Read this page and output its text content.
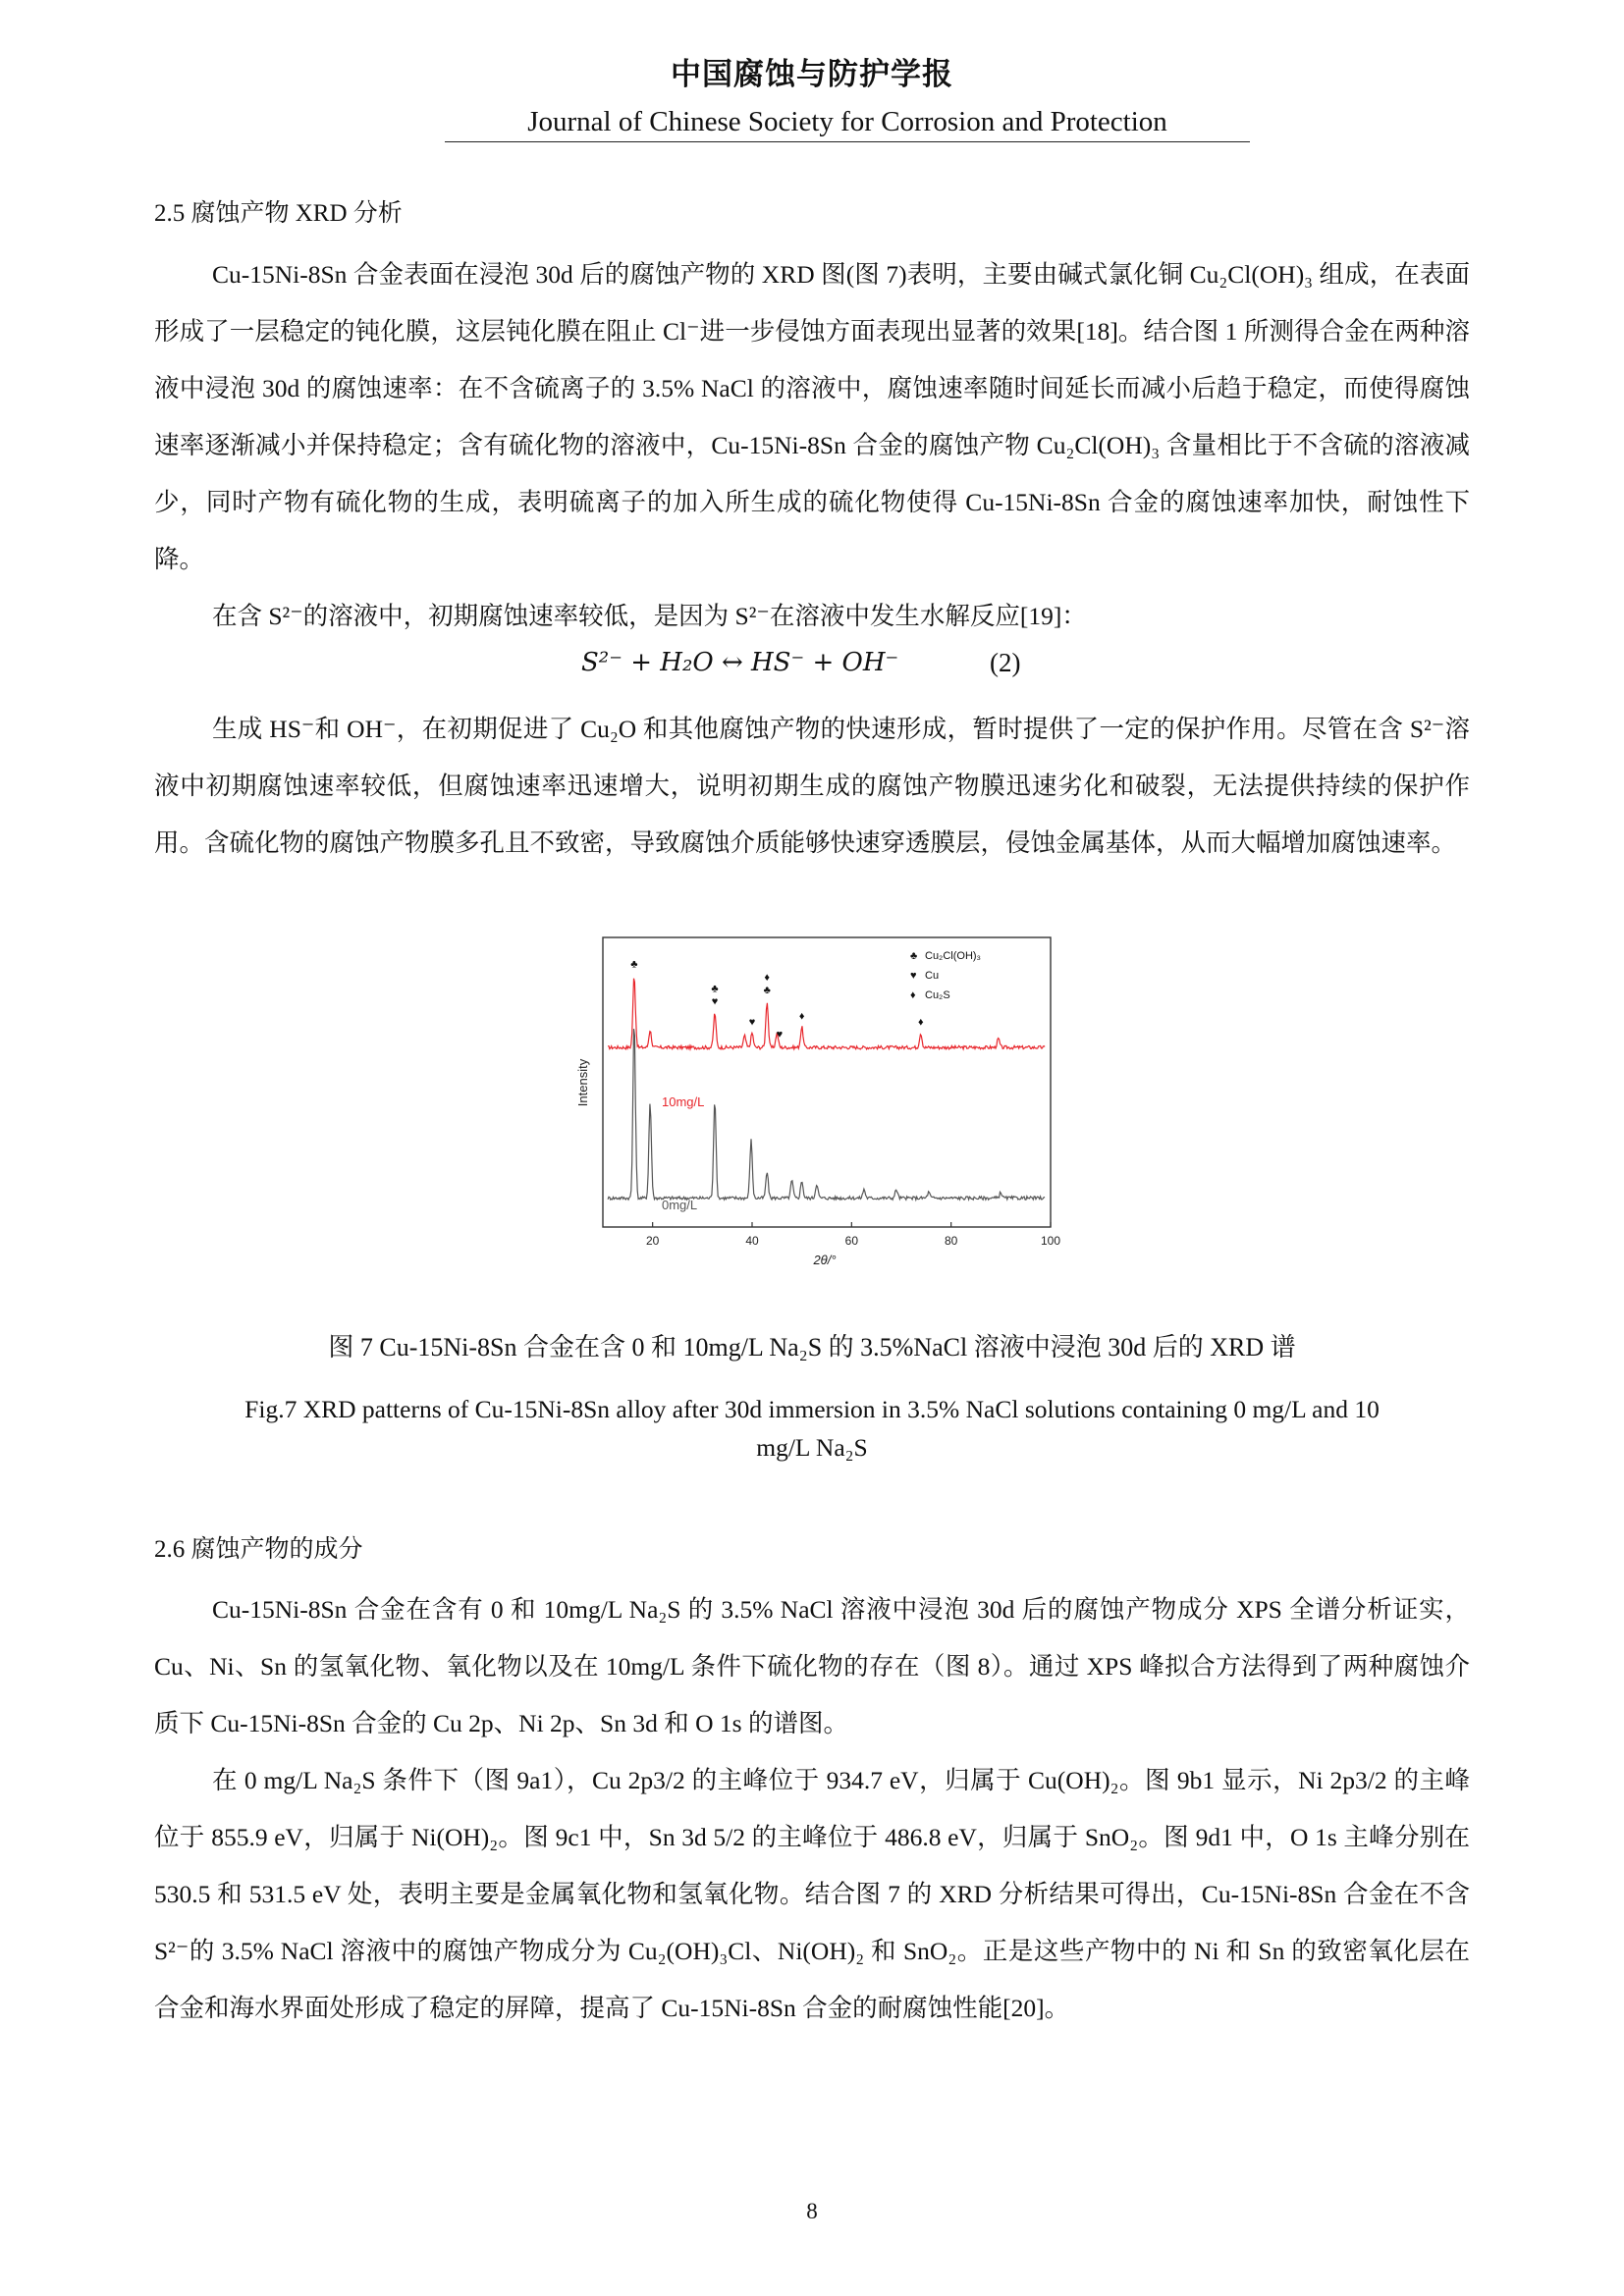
中国腐蚀与防护学报
Journal of Chinese Society for Corrosion and Protection
2.5 腐蚀产物 XRD 分析

Cu-15Ni-8Sn 合金表面在浸泡 30d 后的腐蚀产物的 XRD 图(图 7)表明，主要由碱式氯化铜 Cu₂Cl(OH)₃ 组成，在表面形成了一层稳定的钝化膜，这层钝化膜在阻止 Cl⁻进一步侵蚀方面表现出显著的效果[18]。结合图 1 所测得合金在两种溶液中浸泡 30d 的腐蚀速率：在不含硫离子的 3.5% NaCl 的溶液中，腐蚀速率随时间延长而减小后趋于稳定，而使得腐蚀速率逐渐减小并保持稳定；含有硫化物的溶液中，Cu-15Ni-8Sn 合金的腐蚀产物 Cu₂Cl(OH)₃ 含量相比于不含硫的溶液减少，同时产物有硫化物的生成，表明硫离子的加入所生成的硫化物使得 Cu-15Ni-8Sn 合金的腐蚀速率加快，耐蚀性下降。

在含 S²⁻的溶液中，初期腐蚀速率较低，是因为 S²⁻在溶液中发生水解反应[19]：

S²⁻ + H₂O ↔ HS⁻ + OH⁻	(2)

生成 HS⁻和 OH⁻，在初期促进了 Cu₂O 和其他腐蚀产物的快速形成，暂时提供了一定的保护作用。尽管在含 S²⁻溶液中初期腐蚀速率较低，但腐蚀速率迅速增大，说明初期生成的腐蚀产物膜迅速劣化和破裂，无法提供持续的保护作用。含硫化物的腐蚀产物膜多孔且不致密，导致腐蚀介质能够快速穿透膜层，侵蚀金属基体，从而大幅增加腐蚀速率。

20	40	60	80	100
2θ/°
Intensity
♣
♥
♣
♥
♦
♣
♥
♦	♦
♣ Cu₂Cl(OH)₃
♥ Cu
♦ Cu₂S
10mg/L
0mg/L
图 7 Cu-15Ni-8Sn 合金在含 0 和 10mg/L Na₂S 的 3.5%NaCl 溶液中浸泡 30d 后的 XRD 谱
Fig.7 XRD patterns of Cu-15Ni-8Sn alloy after 30d immersion in 3.5% NaCl solutions containing 0 mg/L and 10 mg/L Na₂S
2.6 腐蚀产物的成分

Cu-15Ni-8Sn 合金在含有 0 和 10mg/L Na₂S 的 3.5% NaCl 溶液中浸泡 30d 后的腐蚀产物成分 XPS 全谱分析证实，Cu、Ni、Sn 的氢氧化物、氧化物以及在 10mg/L 条件下硫化物的存在（图 8）。通过 XPS 峰拟合方法得到了两种腐蚀介质下 Cu-15Ni-8Sn 合金的 Cu 2p、Ni 2p、Sn 3d 和 O 1s 的谱图。

在 0 mg/L Na₂S 条件下（图 9a1），Cu 2p3/2 的主峰位于 934.7 eV，归属于 Cu(OH)₂。图 9b1 显示，Ni 2p3/2 的主峰位于 855.9 eV，归属于 Ni(OH)₂。图 9c1 中，Sn 3d 5/2 的主峰位于 486.8 eV，归属于 SnO₂。图 9d1 中，O 1s 主峰分别在 530.5 和 531.5 eV 处，表明主要是金属氧化物和氢氧化物。结合图 7 的 XRD 分析结果可得出，Cu-15Ni-8Sn 合金在不含 S²⁻的 3.5% NaCl 溶液中的腐蚀产物成分为 Cu₂(OH)₃Cl、Ni(OH)₂ 和 SnO₂。正是这些产物中的 Ni 和 Sn 的致密氧化层在合金和海水界面处形成了稳定的屏障，提高了 Cu-15Ni-8Sn 合金的耐腐蚀性能[20]。

8
